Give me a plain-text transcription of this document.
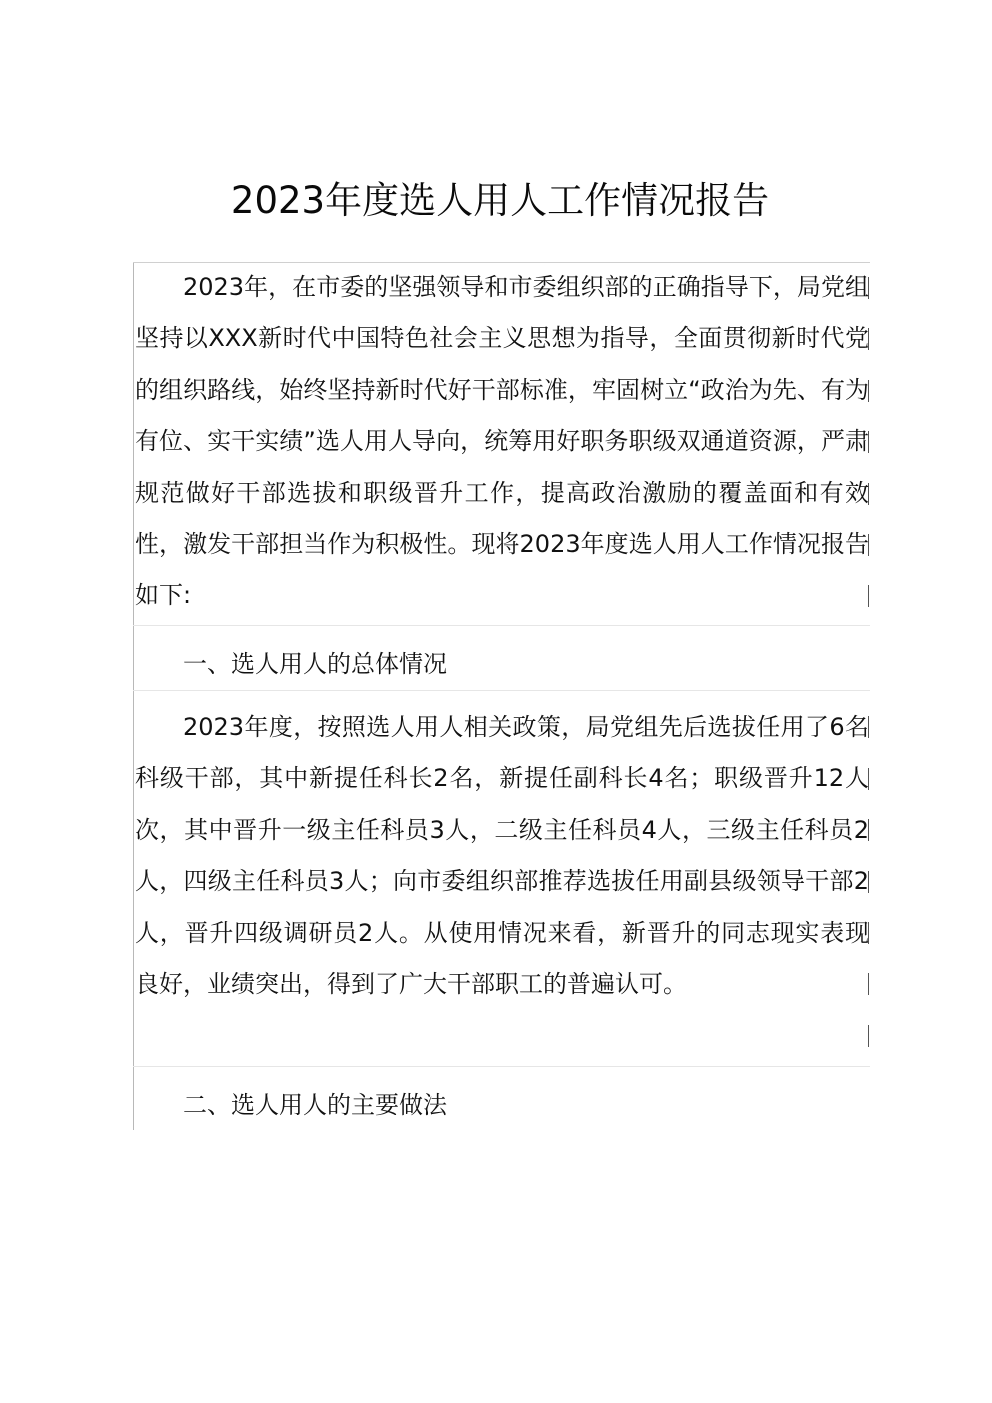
2023年度选人用人工作情况报告

2023年，在市委的坚强领导和市委组织部的正确指导下，局党组坚持以XXX新时代中国特色社会主义思想为指导，全面贯彻新时代党的组织路线，始终坚持新时代好干部标准，牢固树立“政治为先、有为有位、实干实绩”选人用人导向，统筹用好职务职级双通道资源，严肃规范做好干部选拔和职级晋升工作，提高政治激励的覆盖面和有效性，激发干部担当作为积极性。现将2023年度选人用人工作情况报告如下:

一、选人用人的总体情况

2023年度，按照选人用人相关政策，局党组先后选拔任用了6名科级干部，其中新提任科长2名，新提任副科长4名；职级晋升12人次，其中晋升一级主任科员3人，二级主任科员4人，三级主任科员2人，四级主任科员3人；向市委组织部推荐选拔任用副县级领导干部2人，晋升四级调研员2人。从使用情况来看，新晋升的同志现实表现良好，业绩突出，得到了广大干部职工的普遍认可。

二、选人用人的主要做法
